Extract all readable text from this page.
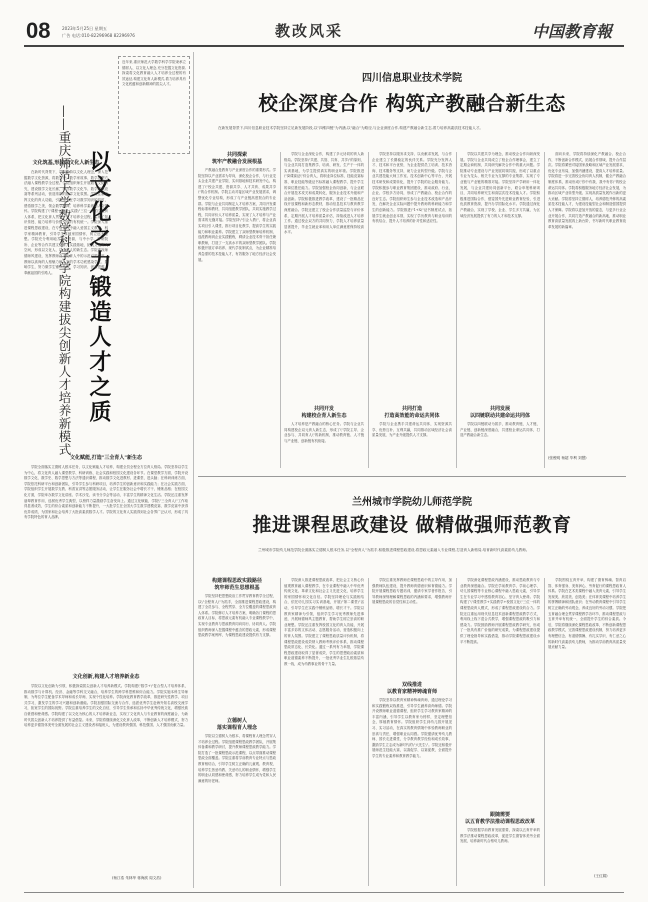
08	2023年5月25日 星期五
广告 电话:010-82296968 82296976	教改风采	中国教育報
近年来,重庆师范大学数学科学学院秉承立德树人、以文化人理念,充分挖掘文化资源,探索将文化教育融入人才培养全过程的有效途径,构建文化育人新模式,着力培养具有文化底蕴和创新精神的拔尖人才。
以文化之力锻造人才之质
——重庆师范大学数学科学学院构建拔尖创新人才培养新模式
文化筑基,形成以文化人新生态
　　在新时代背景下，学院坚持以文化人理念，深入挖掘数学文化资源，将数学史、数学家故事、数学思想方法融入课程教学全过程。学院组织师生开展数学文化研究，建设数学文化长廊，举办数学文化节、数学建模竞赛等系列活动，营造浓厚的数学文化氛围。学院注重发挥文化的育人功能，引导学生在学习数学知识的同时，感悟数学之美，领会数学精神，培养科学素养和人文情怀。学院构建了\"课程+活动+实践\"三位一体的文化育人体系，把文化育人贯穿于人才培养全过程，实现了知识传授、能力培养与价值引领的有机统一。学院深入推进课程思政建设，在专业课程中融入爱国主义教育、科学家精神教育，引导学生厚植家国情怀，树立远大理想。学院充分利用地方文化资源，与中小学、科研院所、企业等合作共建文化育人实践基地，拓展文化育人空间，形成以文化人、以文育人的新生态。学院重视师德师风建设，发挥教师在文化育人中的示范引领作用，教师以高尚的人格魅力和扎实的学术功底感染学生、影响学生，努力做学生锤炼品格、学习知识、创新思维、奉献祖国的引路人。
文化赋能,打造"三全育人"新生态
　　学院全面落实立德树人根本任务，以文化赋能人才培养，构建全员全程全方位育人格局。学院坚持以学生为中心，将文化育人融入课堂教学、科研训练、社会实践和校园文化建设各环节。在课堂教学方面，学院开设数学文化、数学史、数学思想与方法等通识课程，推动数学文化进教材、进课堂、进头脑；在科研训练方面，学院依托科研平台和创新团队，引导学生参与科研项目，培养学生的创新意识和实践能力；在社会实践方面，学院组织学生开展数学支教、科普宣讲等志愿服务活动，让学生在服务社会中增长才干、锤炼品格；在校园文化方面，学院举办数学文化讲座、学术沙龙、读书分享会等活动，丰富学生的精神文化生活。学院还注重发挥朋辈教育作用，选树优秀学生典型，以榜样力量激励学生奋发向上。通过文化赋能，学院\"三全育人\"工作取得显著成效，学生的综合素质和创新能力不断提升，一大批学生在全国大学生数学建模竞赛、数学竞赛中获得优异成绩，为国家和社会培养了大批高素质数学人才。学院的文化育人实践得到社会各界广泛认可，形成了具有学院特色的育人品牌。
文化创新,构建人才培养新业态
　　学院以文化创新为引领，积极探索拔尖创新人才培养新模式。学院构建\"数学+\"复合型人才培养体系，推动数学与计算机、经济、金融等学科交叉融合，培养学生的跨学科思维和综合能力。学院实施本科生导师制，为每位学生配备学术导师和成长导师，实现个性化培养。学院深化教育教学改革，推进研究性教学、项目式学习，激发学生的学习兴趣和创新潜能。学院加强国际交流与合作，选派优秀学生赴海外知名高校交流学习，拓宽学生的国际视野。学院注重培养学生的文化自信，引导学生传承和弘扬中华优秀传统文化，增强民族自豪感和使命感。学院构建了以文化为核心的人才培养新业态，实现了文化育人与专业教育的深度融合，为新时代拔尖创新人才培养提供了有益借鉴。未来，学院将继续深化文化育人改革，不断创新人才培养模式，努力培养更多德智体美劳全面发展的社会主义建设者和接班人，为建设教育强国、科技强国、人才强国贡献力量。
(杨江浩 朱林华 蒋海滨 周文浩)
四川信息职业技术学院
校企深度合作 构筑产教融合新生态
在新发展背景下,四川信息职业技术学院坚持立足新发展阶段,以"四维四链"为内涵,以"融合"为路径,与企业深度合作,构建产教融合新生态,着力培养高素质技术技能人才。
共同探索
筑牢产教融合发展根基
　　产教融合是教育与产业深度合作的重要形式。学院坚持以产业需求为导向，深化校企合作，与行业龙头企业共建产业学院、实训基地和技术研发中心，构建了\"校企共建、资源共享、人才共育、成果共享\"的合作机制。学院主动对接区域产业发展需求，调整优化专业结构，形成了与产业链高度契合的专业群。学院与企业共同制定人才培养方案，共同开发课程标准和教材，共同组建教学团队，共同实施教学过程，共同评价人才培养质量，实现了人才培养与产业需求的无缝对接。学院坚持\"引企入教\"，将企业真实项目引入课堂，推行项目化教学，提高学生的实践能力和职业素养。学院建立了双师型教师培养机制，选派教师到企业实践锻炼，聘请企业技术骨干担任兼职教师，打造了一支高水平的双师型教学团队。学院积极开展订单培养、现代学徒制试点，为企业精准培养急需的技术技能人才，有效服务了地方经济社会发展。
　　学院与企业深化合作，构建了多元协同的育人新格局。学院坚持\"共建、共管、共育、共享\"的原则，与企业共同打造集教学、培训、研发、生产于一体的实训基地，为学生提供真实的职业环境。学院推进\"岗课赛证\"综合育人，将职业岗位标准、技能竞赛标准、职业技能等级证书标准融入课程教学，提升学生的岗位胜任能力。学院加强校企协同创新，与企业联合开展技术攻关和成果转化，服务企业技术升级和产品创新。学院积极推进教学改革，建设了一批精品在线开放课程和新形态教材，推动信息技术与教育教学深度融合。学院还建立了校企合作质量监控与评价体系，定期开展人才培养质量评估，持续改进人才培养工作。通过校企双方的共同努力，学院人才培养质量显著提升，毕业生就业率和用人单位满意度保持较高水平。
共同开发
构建校企育人新生态
　　人才培养是产教融合的核心任务。学院与企业共同构建校企双元育人新生态，形成了\"学院主导、企业参与、共同育人\"的新机制，推动教育链、人才链与产业链、创新链有机衔接。
　　学院坚持以服务求支持、以贡献求发展，与合作企业建立了长期稳定的伙伴关系。学院充分发挥人才、技术和平台优势，为企业提供员工培训、技术咨询、技术服务等支持，助力企业转型升级。学院与企业共建技能大师工作室、技术创新中心等平台，开展技术研发和成果转化，提升了学院的社会服务能力。学院积极参与职业教育集团建设，推动政府、行业、企业、学校多方协同，形成了产教融合、校企合作的良好生态。学院组织师生参与企业技术改造和产品开发，在解决企业实际问题中提升教师的科研能力和学生的创新能力。学院推进\"1+X\"证书制度试点，拓展学生就业创业本领，实现了学历教育与职业培训的有机结合，提升人才培养的针对性和适应性。
共同打造
打造高效能的命运共同体
　　学院与企业携手共建命运共同体，实现资源共享、优势互补、互利共赢，共同推动区域经济社会高质量发展，为产业升级提供人才支撑。
　　学院以共建共享为理念，推动校企合作向纵深发展。学院与企业共同成立了校企合作理事会，建立了定期会商机制，共同研究解决合作中的重大问题。学院推动专业建设与产业发展同频共振，形成了以重点专业为龙头、相关专业为支撑的专业集群，实现了专业链与产业链的精准对接。学院坚持产学研用一体化发展，与企业共建协同创新平台，联合申报科研项目，共同培养研究生和高层次技术技能人才。学院积极推进国际合作，借鉴国外先进职业教育经验，引进优质教育资源，提升办学国际化水平。学院通过深化产教融合，实现了学校、企业、学生多方共赢，为区域经济发展提供了有力的人才和技术支撑。
共同发展
以四链联动共建命运共同体
　　学院以四链联动为抓手，推动教育链、人才链、产业链、创新链深度融合，共建校企命运共同体，打造产教融合新生态。
　　面向未来，学院将持续深化产教融合、校企合作，不断创新合作模式，拓展合作领域，提升合作层次。学院将紧密对接国家战略和区域产业发展需求，优化专业布局，加强内涵建设，提高人才培养质量。学院将进一步完善校企协同育人机制，健全产教融合制度体系，推动形成\"你中有我、我中有你\"的校企命运共同体。学院将积极服务地方经济社会发展，为推动区域产业转型升级、实现高质量发展作出新的更大贡献。学院将坚持立德树人，培养德技并修的高素质技术技能人才，为建设技能型社会和制造强国提供人才保障。学院将以更加开放的姿态，与更多行业企业开展合作，共同打造产教融合的新高地，推动职业教育高质量发展再上新台阶，书写新时代职业教育改革发展的新篇章。
(张俊明 杨超 毕利 刘慧)
兰州城市学院幼儿师范学院
推进课程思政建设 做精做强师范教育
兰州城市学院幼儿师范学院全面落实立德树人根本任务,以"全程育人"为抓手,积极推进课程思政建设,将思政元素融入专业课程,打造育人新格局,培育新时代高素质幼儿教师。
构建课程思政实践路径
筑牢师范生思想根基
　　学院坚持把思想政治工作贯穿教育教学全过程，以\"全程育人\"为抓手，全面推进课程思政建设，构建了全员参与、全程贯穿、全方位覆盖的课程思政育人体系。学院修订人才培养方案，明确各门课程的思政育人目标，将思政元素有机融入专业课程教学中，实现专业教育与思政教育同向同行、协同育人。学院组织教师深入挖掘课程中蕴含的思政元素，形成课程思政教学案例库，为课程思政建设提供有力支撑。
立德树人
落实课程育人理念
　　学院以立德树人为根本，将课程育人理念贯穿人才培养全过程。学院组建课程思政教学团队，开展集体备课和教学研讨，提升教师课程思政教学能力。学院打造了一批课程思政示范课程，以点带面推动课程思政全面覆盖。学院注重将学前教育专业特点与思政教育相结合，引导学生树立正确的儿童观、教育观，培养学生热爱幼教、关爱幼儿的职业情怀，增强学生的职业认同感和使命感，努力培养学生成为党和人民满意的好老师。
　　学院深入推进课程思政改革，把社会主义核心价值观教育融入课程教学，在专业课程中融入中华优秀传统文化、革命文化和社会主义先进文化，培养学生的家国情怀和文化自信。学院坚持理论与实践相结合，依托幼儿园实习实训基地，开展\"第二课堂\"活动，引导学生在实践中锤炼品格、增长才干。学院以教育家精神为引领，组织学生学习优秀教师先进事迹，开展师德师风主题教育，帮助学生树立崇高的职业理想。学院还注重发挥校园文化的育人功能，开展丰富多彩的文体活动、志愿服务活动，营造积极向上的育人氛围。学院建立了课程思政质量评价机制，将课程思政建设成效纳入教师考核评价体系，推动课程思政常态化、长效化。通过一系列有力举措，学院课程思政建设取得了显著成效，学生的思想政治素质和职业道德素养不断提升，一批优秀毕业生扎根基层幼教一线，成为幼教事业的骨干力量。
　　学院注重发挥教师在课程思政中的主导作用，加强教师队伍建设，提升教师育德意识和育德能力。学院开展课程思政专题培训，邀请专家学者作报告，引导教师深刻理解课程思政的内涵和要求，增强教师开展课程思政的自觉性和主动性。
双线推进
以教育家精神铸魂育师
　　学院坚持以教育家精神铸魂育师，通过理论学习和实践锻炼双线推进，引导学生涵养高尚师德。学院开设教师职业道德课程，组织学生学习教育家精神的丰富内涵，引导学生以教育家为榜样，坚定理想信念，厚植教育情怀。学院组织学生到幼儿园开展见习、实习活动，在真实的教育情境中体验教师职业的崇高与责任，增强职业认同感。学院邀请优秀幼儿教师、园长走进课堂，分享教育教学经验和成长故事，激励学生立志成为新时代的\"大先生\"。学院还积极开展师范生技能大赛，以赛促学、以赛促教，全面提升学生的专业素养和教育教学能力。
　　学院深化课程思政内涵建设，推动思政教育与专业教育深度融合。学院在学前教育学、学前心理学、幼儿园课程等专业核心课程中融入思政元素，引导学生在专业学习中感悟教育初心、坚守育人使命。学院构建了\"课堂教学+实践教学+校园文化\"三位一体的课程思政育人模式，形成了课程思政建设的合力。学院还注重运用现代信息技术创新课程思政教学方式，利用线上线下混合式教学，增强课程思政的吸引力和感染力。学院鼓励教师开展课程思政教学研究，形成了一批具有推广价值的研究成果，为课程思政建设提供了理论指导和实践借鉴，推动学院课程思政建设水平不断提高。
跟随需要
以五育教学法推动课程思政改革
　　学院根据学前教育发展需要，探索以五育并举的教学法推动课程思政改革，促进学生德智体美劳全面发展，培养新时代合格幼儿教师。
　　学院围绕五育并举，构建了德育铸魂、智育启智、体育强身、美育润心、劳育促行的课程思政育人体系。学院在艺术类课程中融入美育元素，引导学生发现美、欣赏美、创造美；在体育类课程中培养学生的拼搏精神和团队意识；在劳动教育课程中引导学生树立正确的劳动观念，养成良好的劳动习惯。学院把五育融合理念贯穿课程教学各环节，推动课程思政与五育并举有机统一，全面提升学生的综合素质。今后，学院将继续深化课程思政改革，不断创新课程思政教学模式，完善课程思政建设机制，努力培养更多有理想信念、有道德情操、有扎实学识、有仁爱之心的新时代高素质幼儿教师，为推动学前教育高质量发展贡献力量。
(王红娟)
